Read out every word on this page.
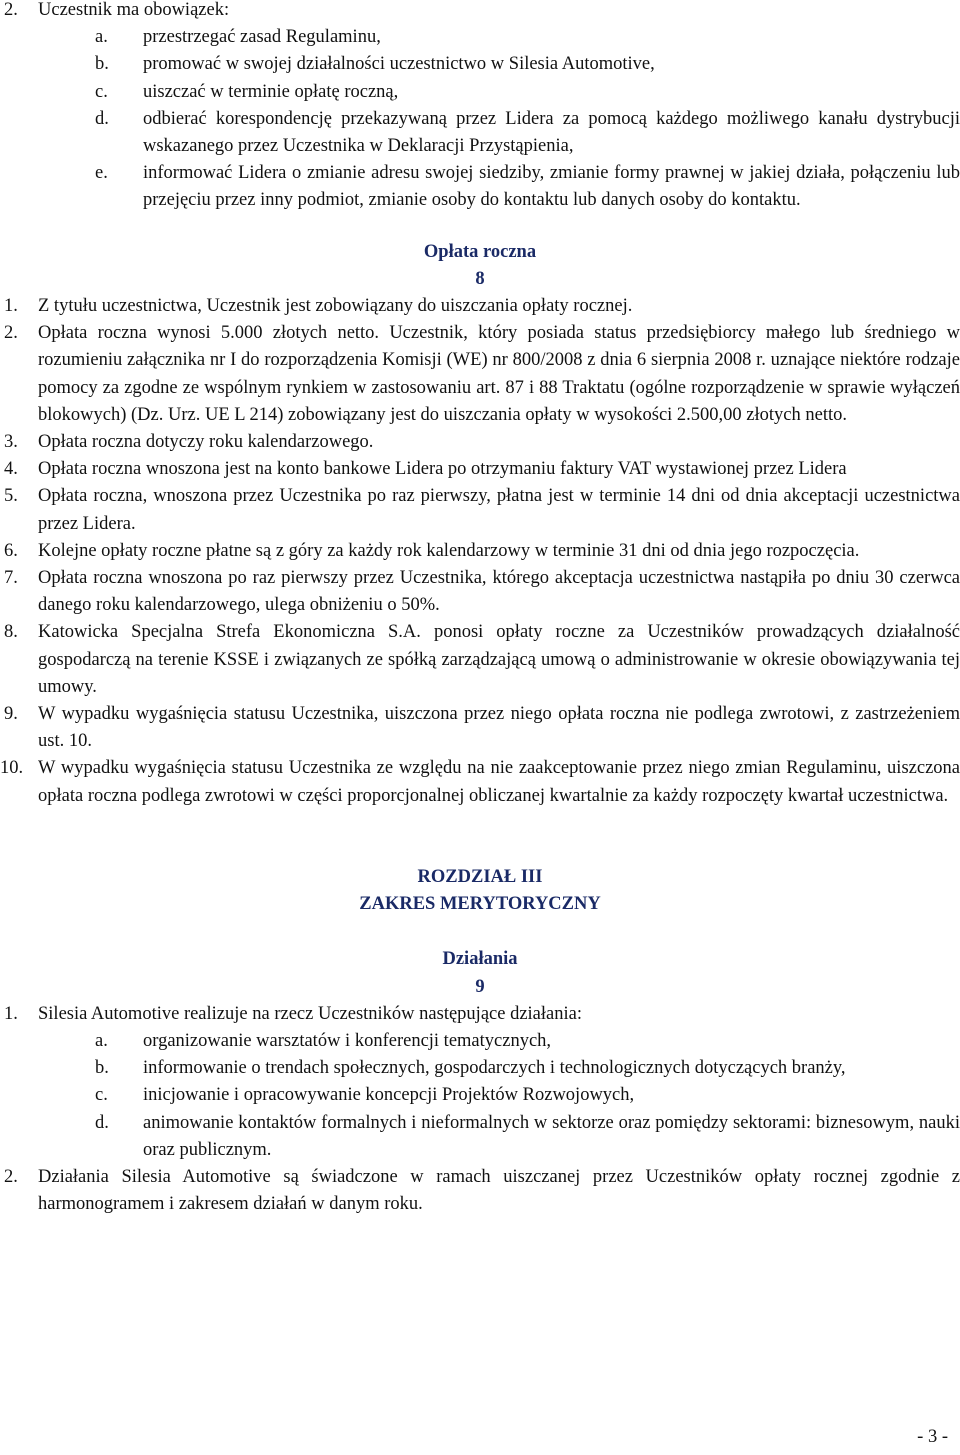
2. Uczestnik ma obowiązek:
a. przestrzegać zasad Regulaminu,
b. promować w swojej działalności uczestnictwo w Silesia Automotive,
c. uiszczać w terminie opłatę roczną,
d. odbierać korespondencję przekazywaną przez Lidera za pomocą każdego możliwego kanału dystrybucji wskazanego przez Uczestnika w Deklaracji Przystąpienia,
e. informować Lidera o zmianie adresu swojej siedziby, zmianie formy prawnej w jakiej działa, połączeniu lub przejęciu przez inny podmiot, zmianie osoby do kontaktu lub danych osoby do kontaktu.
Opłata roczna
8
1. Z tytułu uczestnictwa, Uczestnik jest zobowiązany do uiszczania opłaty rocznej.
2. Opłata roczna wynosi 5.000 złotych netto. Uczestnik, który posiada status przedsiębiorcy małego lub średniego w rozumieniu załącznika nr I do rozporządzenia Komisji (WE) nr 800/2008 z dnia 6 sierpnia 2008 r. uznające niektóre rodzaje pomocy za zgodne ze wspólnym rynkiem w zastosowaniu art. 87 i 88 Traktatu (ogólne rozporządzenie w sprawie wyłączeń blokowych) (Dz. Urz. UE L 214) zobowiązany jest do uiszczania opłaty w wysokości 2.500,00 złotych netto.
3. Opłata roczna dotyczy roku kalendarzowego.
4. Opłata roczna wnoszona jest na konto bankowe Lidera po otrzymaniu faktury VAT wystawionej przez Lidera
5. Opłata roczna, wnoszona przez Uczestnika po raz pierwszy, płatna jest w terminie 14 dni od dnia akceptacji uczestnictwa przez Lidera.
6. Kolejne opłaty roczne płatne są z góry za każdy rok kalendarzowy w terminie 31 dni od dnia jego rozpoczęcia.
7. Opłata roczna wnoszona po raz pierwszy przez Uczestnika, którego akceptacja uczestnictwa nastąpiła po dniu 30 czerwca danego roku kalendarzowego, ulega obniżeniu o 50%.
8. Katowicka Specjalna Strefa Ekonomiczna S.A. ponosi opłaty roczne za Uczestników prowadzących działalność gospodarczą na terenie KSSE i związanych ze spółką zarządzającą umową o administrowanie w okresie obowiązywania tej umowy.
9. W wypadku wygaśnięcia statusu Uczestnika, uiszczona przez niego opłata roczna nie podlega zwrotowi, z zastrzeżeniem ust. 10.
10. W wypadku wygaśnięcia statusu Uczestnika ze względu na nie zaakceptowanie przez niego zmian Regulaminu, uiszczona opłata roczna podlega zwrotowi w części proporcjonalnej obliczanej kwartalnie za każdy rozpoczęty kwartał uczestnictwa.
ROZDZIAŁ III
ZAKRES MERYTORYCZNY
Działania
9
1. Silesia Automotive realizuje na rzecz Uczestników następujące działania:
a. organizowanie warsztatów i konferencji tematycznych,
b. informowanie o trendach społecznych, gospodarczych i technologicznych dotyczących branży,
c. inicjowanie i opracowywanie koncepcji Projektów Rozwojowych,
d. animowanie kontaktów formalnych i nieformalnych w sektorze oraz pomiędzy sektorami: biznesowym, nauki oraz publicznym.
2. Działania Silesia Automotive są świadczone w ramach uiszczanej przez Uczestników opłaty rocznej zgodnie z harmonogramem i zakresem działań w danym roku.
- 3 -
